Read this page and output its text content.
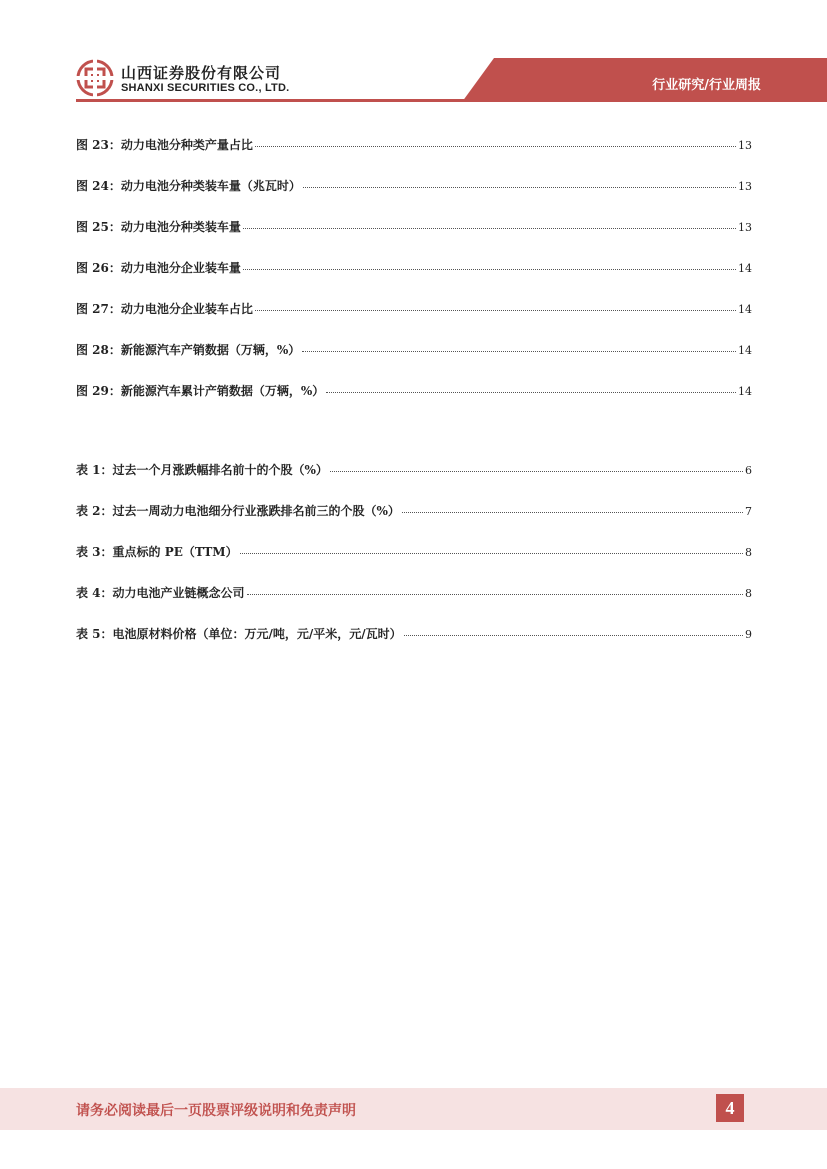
山西证券股份有限公司
SHANXI SECURITIES CO., LTD.	行业研究/行业周报
图 23：动力电池分种类产量占比	13
图 24：动力电池分种类装车量（兆瓦时）	13
图 25：动力电池分种类装车量	13
图 26：动力电池分企业装车量	14
图 27：动力电池分企业装车占比	14
图 28：新能源汽车产销数据（万辆，%）	14
图 29：新能源汽车累计产销数据（万辆，%）	14
表 1：过去一个月涨跌幅排名前十的个股（%）	6
表 2：过去一周动力电池细分行业涨跌排名前三的个股（%）	7
表 3：重点标的 PE（TTM）	8
表 4：动力电池产业链概念公司	8
表 5：电池原材料价格（单位：万元/吨，元/平米，元/瓦时）	9
请务必阅读最后一页股票评级说明和免责声明	4
